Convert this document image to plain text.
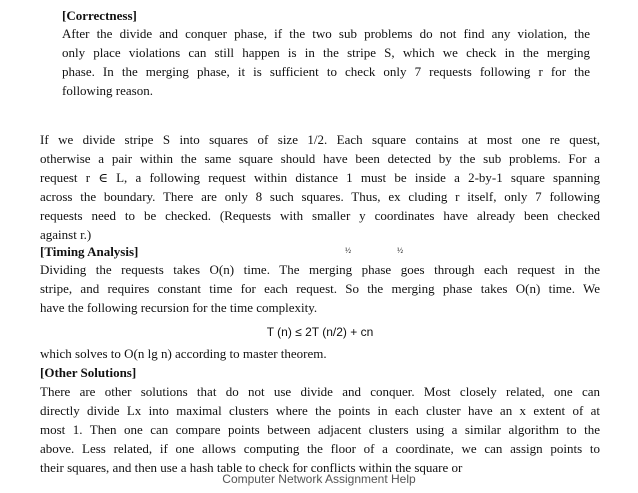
[Correctness]
After the divide and conquer phase, if the two sub problems do not find any violation, the
only place violations can still happen is in the stripe S, which we check in the merging
phase. In the merging phase, it is sufficient to check only 7 requests following r for the
following reason.
If we divide stripe S into squares of size 1/2. Each square contains at most one re quest,
otherwise a pair within the same square should have been detected by the sub problems. For a
request r ∈ L, a following request within distance 1 must be inside a 2-by-1 square spanning
across the boundary. There are only 8 such squares. Thus, ex cluding r itself, only 7 following
requests need to be checked. (Requests with smaller y coordinates have already been checked
against r.)
½ ½
[Timing Analysis]
Dividing the requests takes O(n) time. The merging phase goes through each request in the
stripe, and requires constant time for each request. So the merging phase takes O(n) time. We
have the following recursion for the time complexity.
T (n) ≤ 2T (n/2) + cn
which solves to O(n lg n) according to master theorem.
[Other Solutions]
There are other solutions that do not use divide and conquer. Most closely related, one can
directly divide Lx into maximal clusters where the points in each cluster have an x extent of at
most 1. Then one can compare points between adjacent clusters using a similar algorithm to the
above. Less related, if one allows computing the floor of a coordinate, we can assign points to
their squares, and then use a hash table to check for conflicts within the square or
Computer Network Assignment Help
